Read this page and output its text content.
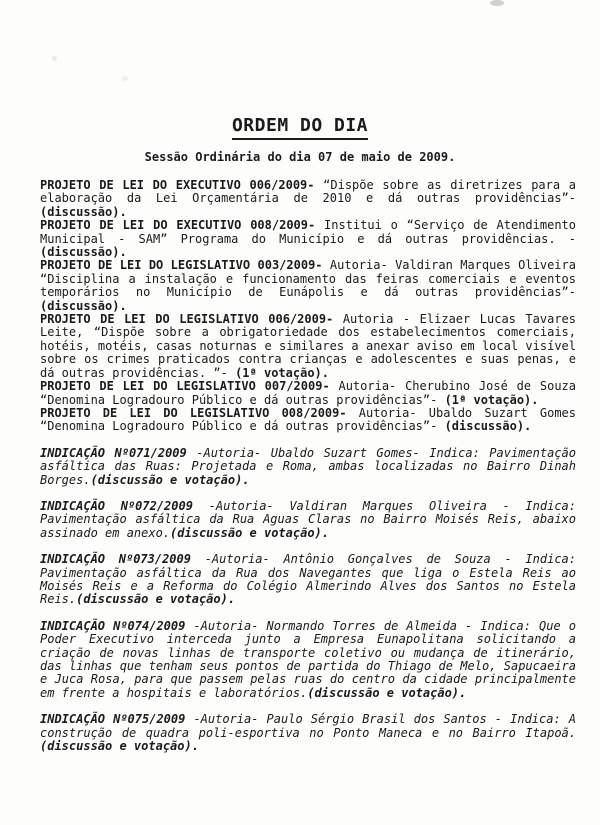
ORDEM DO DIA
Sessão Ordinária do dia 07 de maio de 2009.

PROJETO DE LEI DO EXECUTIVO 006/2009- “Dispõe sobre as diretrizes para a elaboração da Lei Orçamentária de 2010 e dá outras providências”- (discussão).

PROJETO DE LEI DO EXECUTIVO 008/2009- Institui o “Serviço de Atendimento Municipal - SAM” Programa do Município e dá outras providências. - (discussão).

PROJETO DE LEI DO LEGISLATIVO 003/2009- Autoria- Valdiran Marques Oliveira “Disciplina a instalação e funcionamento das feiras comerciais e eventos temporários no Município de Eunápolis e dá outras providências”- (discussão).

PROJETO DE LEI DO LEGISLATIVO 006/2009- Autoria - Elizaer Lucas Tavares Leite, “Dispõe sobre a obrigatoriedade dos estabelecimentos comerciais, hotéis, motéis, casas noturnas e similares a anexar aviso em local visível sobre os crimes praticados contra crianças e adolescentes e suas penas, e dá outras providências. ”- (1ª votação).

PROJETO DE LEI DO LEGISLATIVO 007/2009- Autoria- Cherubino José de Souza “Denomina Logradouro Público e dá outras providências”- (1ª votação).

PROJETO DE LEI DO LEGISLATIVO 008/2009- Autoria- Ubaldo Suzart Gomes “Denomina Logradouro Público e dá outras providências”- (discussão).

INDICAÇÃO Nº071/2009 -Autoria- Ubaldo Suzart Gomes- Indica: Pavimentação asfáltica das Ruas: Projetada e Roma, ambas localizadas no Bairro Dinah Borges.(discussão e votação).

INDICAÇÃO Nº072/2009 -Autoria- Valdiran Marques Oliveira - Indica: Pavimentação asfáltica da Rua Aguas Claras no Bairro Moisés Reis, abaixo assinado em anexo.(discussão e votação).

INDICAÇÃO Nº073/2009 -Autoria- Antônio Gonçalves de Souza - Indica: Pavimentação asfáltica da Rua dos Navegantes que liga o Estela Reis ao Moisés Reis e a Reforma do Colégio Almerindo Alves dos Santos no Estela Reis.(discussão e votação).

INDICAÇÃO Nº074/2009 -Autoria- Normando Torres de Almeida - Indica: Que o Poder Executivo interceda junto a Empresa Eunapolitana solicitando a criação de novas linhas de transporte coletivo ou mudança de itinerário, das linhas que tenham seus pontos de partida do Thiago de Melo, Sapucaeira e Juca Rosa, para que passem pelas ruas do centro da cidade principalmente em frente a hospitais e laboratórios.(discussão e votação).

INDICAÇÃO Nº075/2009 -Autoria- Paulo Sérgio Brasil dos Santos - Indica: A construção de quadra poli-esportiva no Ponto Maneca e no Bairro Itapoã.(discussão e votação).
